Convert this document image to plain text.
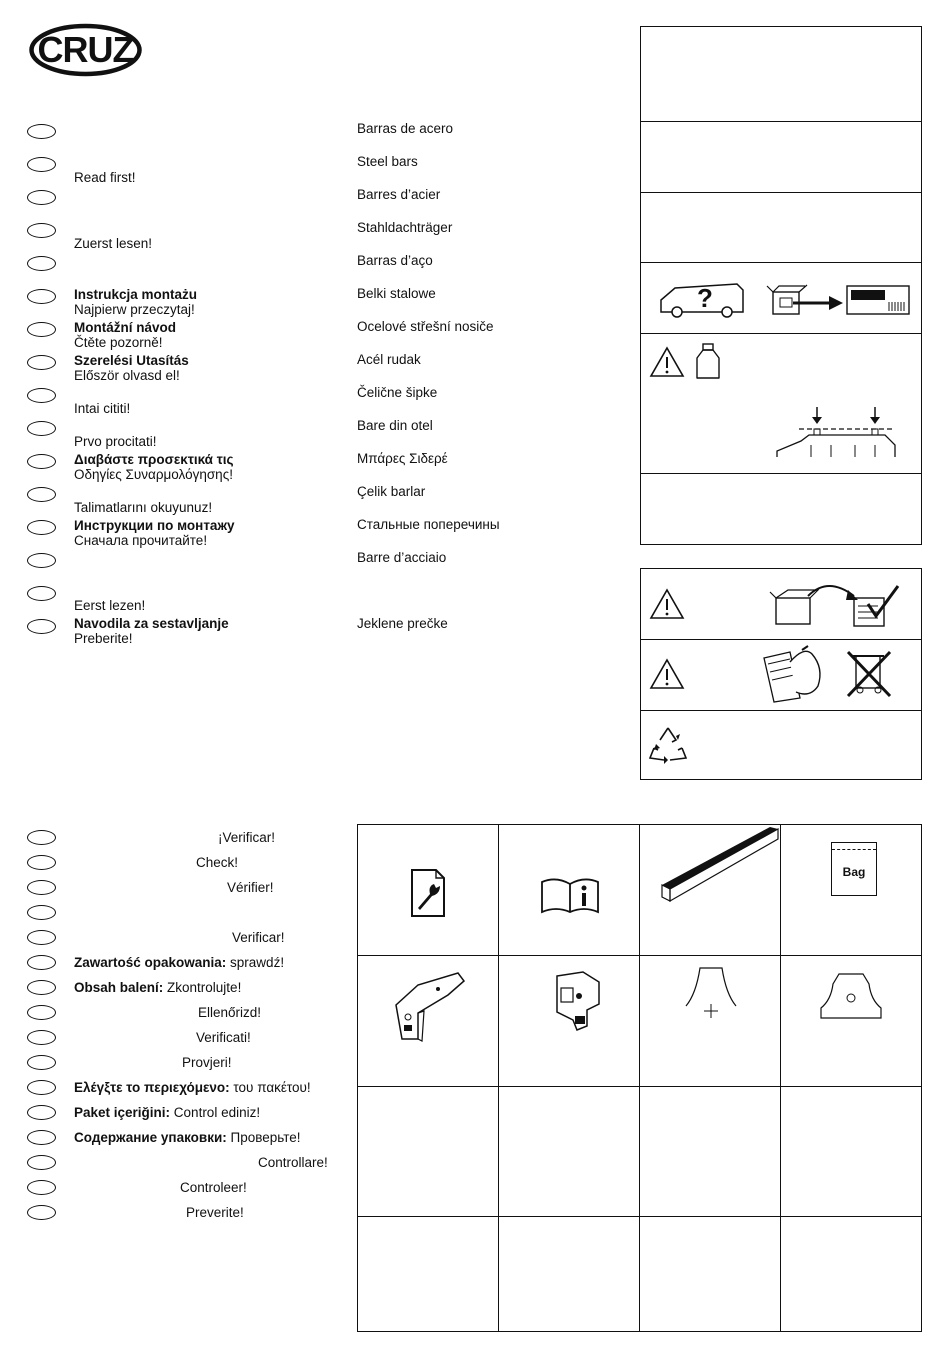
CRUZ
Read first!
Zuerst lesen!
Instrukcja montażu
Najpierw przeczytaj!
Montážní návod
Čtěte pozorně!
Szerelési Utasítás
Először olvasd el!
Intai cititi!
Prvo procitati!
Διαβάστε προσεκτικά τις
Οδηγίες Συναρμολόγησης!
Talimatlarını okuyunuz!
Инструкции по монтажу
Сначала прочитайте!
Eerst lezen!
Navodila za sestavljanje
Preberite!
Barras de acero
Steel bars
Barres d’acier
Stahldachträger
Barras d’aço
Belki stalowe
Ocelové střešní nosiče
Acél rudak
Čelične šipke
Bare din otel
Μπάρες Σιδερέ
Çelik barlar
Стальные поперечины
Barre d’acciaio
Jeklene prečke
?
¡Verificar!
Check!
Vérifier!
Verificar!
Zawartość opakowania: sprawdź!
Obsah balení: Zkontrolujte!
Ellenőrizd!
Verificati!
Provjeri!
Ελέγξτε το περιεχόμενο: του πακέτου!
Paket içeriğini: Control ediniz!
Содержание упаковки: Проверьте!
Controllare!
Controleer!
Preverite!
Bag
